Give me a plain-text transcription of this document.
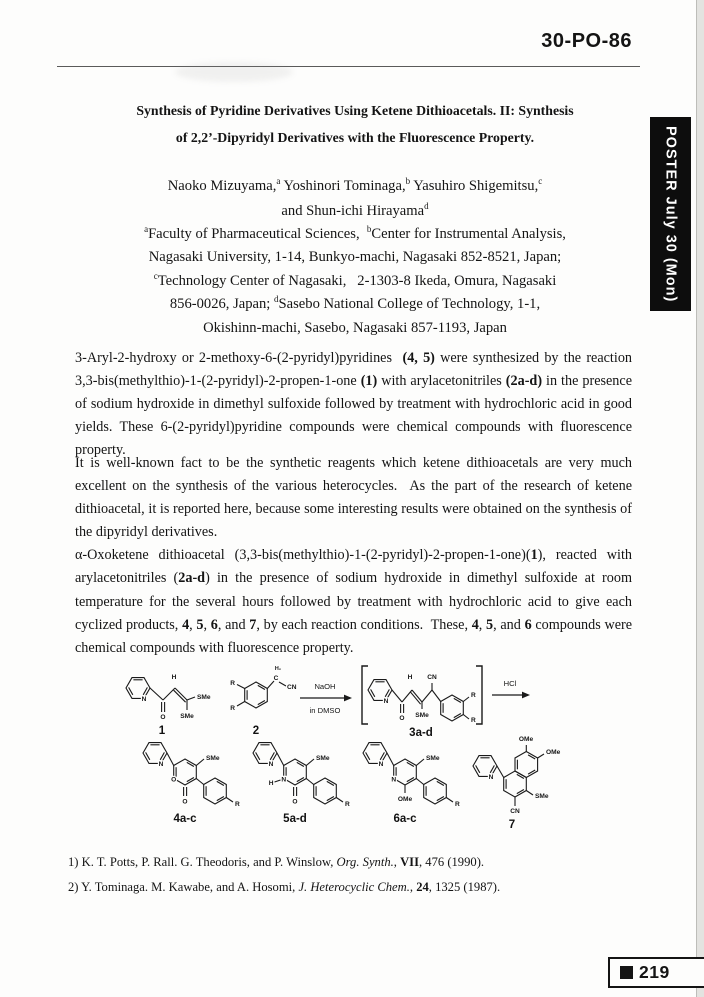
30-PO-86
POSTER July 30 (Mon)
Synthesis of Pyridine Derivatives Using Ketene Dithioacetals. II: Synthesis
of 2,2’-Dipyridyl Derivatives with the Fluorescence Property.
Naoko Mizuyama,$^a$ Yoshinori Tominaga,$^b$ Yasuhiro Shigemitsu,$^c$
and Shun-ichi Hirayama$^d$
$^a$Faculty of Pharmaceutical Sciences,  $^b$Center for Instrumental Analysis,
Nagasaki University, 1-14, Bunkyo-machi, Nagasaki 852-8521, Japan;
$^c$Technology Center of Nagasaki,   2-1303-8 Ikeda, Omura, Nagasaki
856-0026, Japan; $^d$Sasebo National College of Technology, 1-1,
Okishinn-machi, Sasebo, Nagasaki 857-1193, Japan
3-Aryl-2-hydroxy or 2-methoxy-6-(2-pyridyl)pyridines  (4, 5) were synthesized by the reaction 3,3-bis(methylthio)-1-(2-pyridyl)-2-propen-1-one (1) with arylacetonitriles (2a-d) in the presence of sodium hydroxide in dimethyl sulfoxide followed by treatment with hydrochloric acid in good yields. These 6-(2-pyridyl)pyridine compounds were chemical compounds with fluorescence property.

It is well-known fact to be the synthetic reagents which ketene dithioacetals are very much excellent on the synthesis of the various heterocycles.  As the part of the research of ketene dithioacetal, it is reported here, because some interesting results were obtained on the synthesis of the dipyridyl derivatives.

α-Oxoketene dithioacetal (3,3-bis(methylthio)-1-(2-pyridyl)-2-propen-1-one)(1), reacted with arylacetonitriles (2a-d) in the presence of sodium hydroxide in dimethyl sulfoxide at room temperature for the several hours followed by treatment with hydrochloric acid to give each cyclized products, 4, 5, 6, and 7, by each reaction conditions.  These, 4, 5, and 6 compounds were chemical compounds with fluorescence property.

N
O
H
SMe
SMe
1
R
R
H₂
C
CN
2
NaOH
in DMSO
N
O
H
SMe
CN
R
R
3a-d
HCl
N
O
O
SMe
R
4a-c
N
N
H
O
SMe
R
5a-d
N
N
OMe
SMe
R
6a-c
N
OMe
OMe
SMe
CN
7
1) K. T. Potts, P. Rall. G. Theodoris, and P. Winslow, Org. Synth., VII, 476 (1990).
2) Y. Tominaga. M. Kawabe, and A. Hosomi, J. Heterocyclic Chem., 24, 1325 (1987).
219
